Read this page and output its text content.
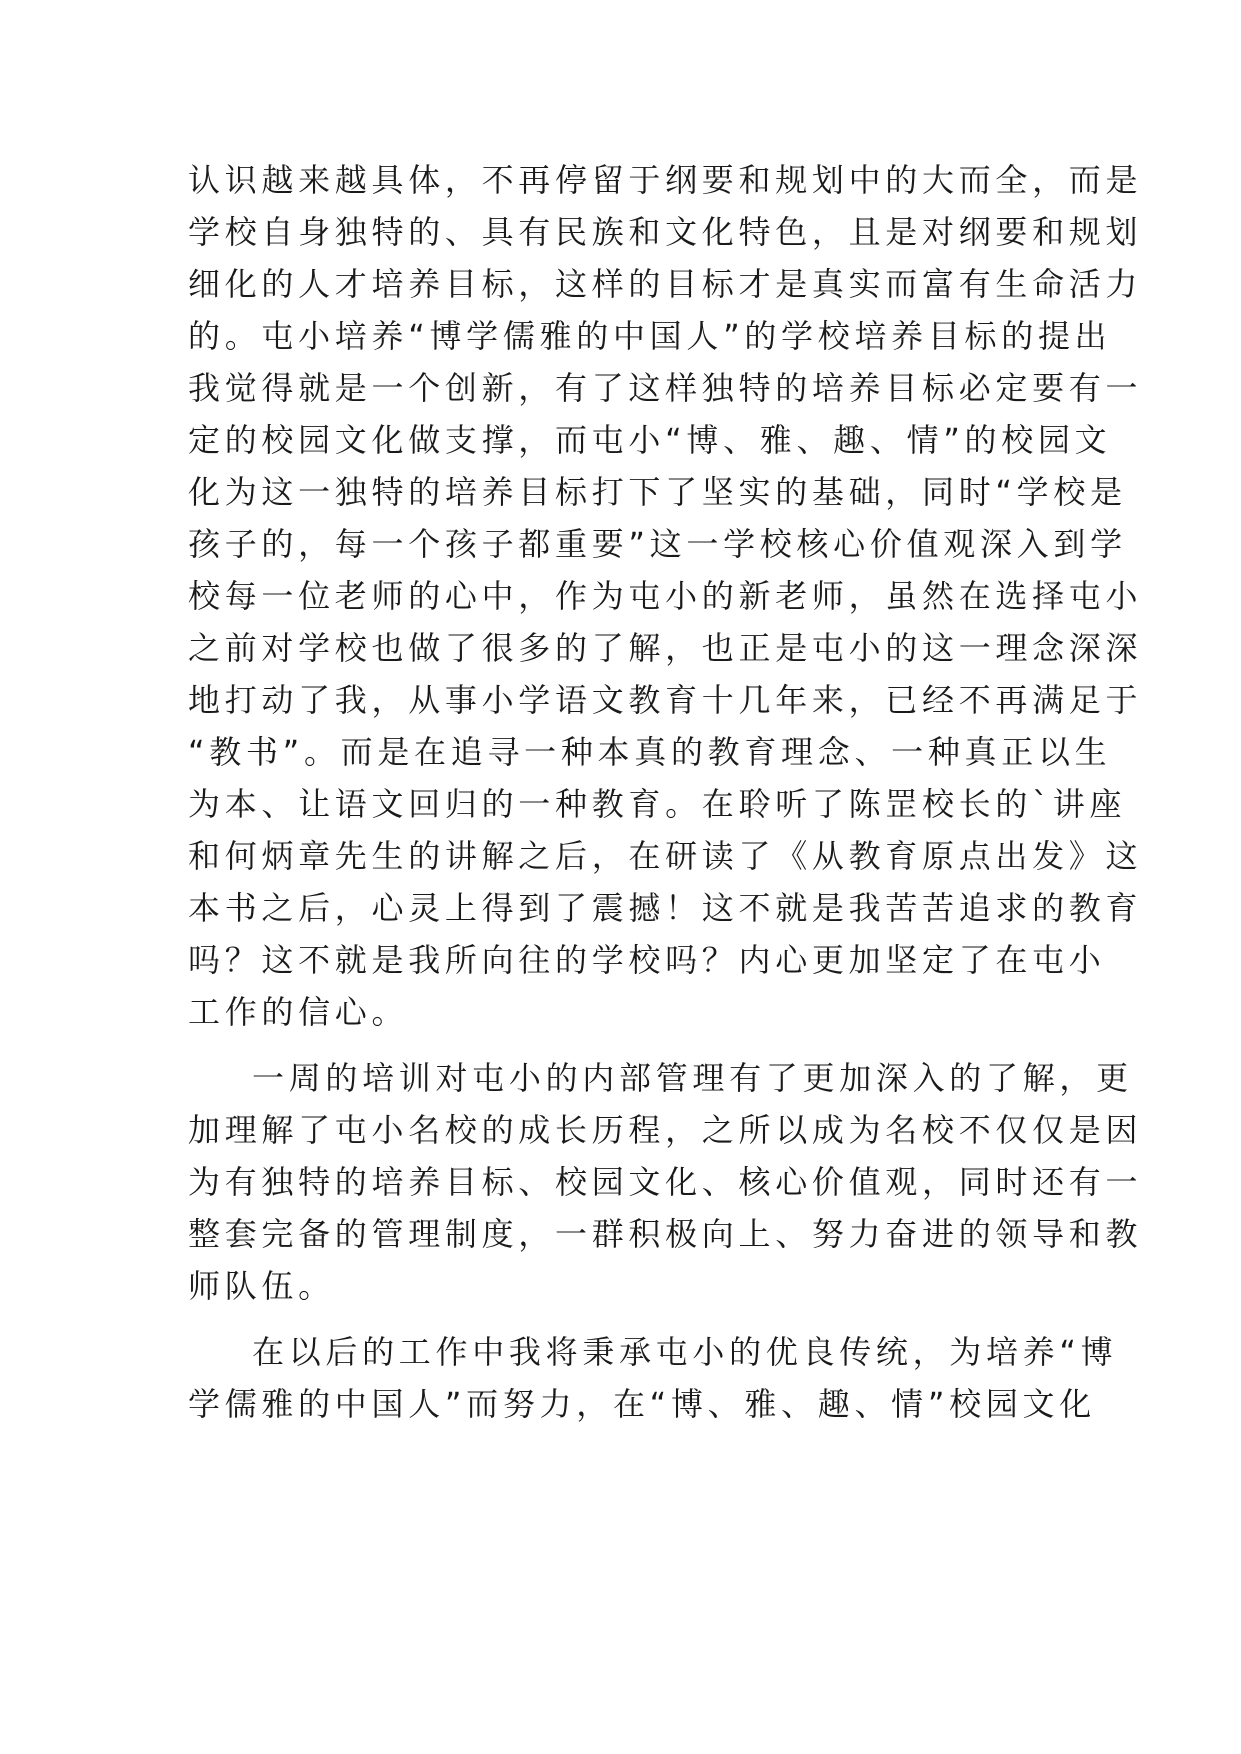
认识越来越具体，不再停留于纲要和规划中的大而全，而是
学校自身独特的、具有民族和文化特色，且是对纲要和规划
细化的人才培养目标，这样的目标才是真实而富有生命活力
的。屯小培养“博学儒雅的中国人”的学校培养目标的提出
我觉得就是一个创新，有了这样独特的培养目标必定要有一
定的校园文化做支撑，而屯小“博、雅、趣、情”的校园文
化为这一独特的培养目标打下了坚实的基础，同时“学校是
孩子的，每一个孩子都重要”这一学校核心价值观深入到学
校每一位老师的心中，作为屯小的新老师，虽然在选择屯小
之前对学校也做了很多的了解，也正是屯小的这一理念深深
地打动了我，从事小学语文教育十几年来，已经不再满足于
“教书”。而是在追寻一种本真的教育理念、一种真正以生
为本、让语文回归的一种教育。在聆听了陈罡校长的`讲座
和何炳章先生的讲解之后，在研读了《从教育原点出发》这
本书之后，心灵上得到了震撼！这不就是我苦苦追求的教育
吗？这不就是我所向往的学校吗？内心更加坚定了在屯小
工作的信心。

一周的培训对屯小的内部管理有了更加深入的了解，更
加理解了屯小名校的成长历程，之所以成为名校不仅仅是因
为有独特的培养目标、校园文化、核心价值观，同时还有一
整套完备的管理制度，一群积极向上、努力奋进的领导和教
师队伍。

在以后的工作中我将秉承屯小的优良传统，为培养“博
学儒雅的中国人”而努力，在“博、雅、趣、情”校园文化
